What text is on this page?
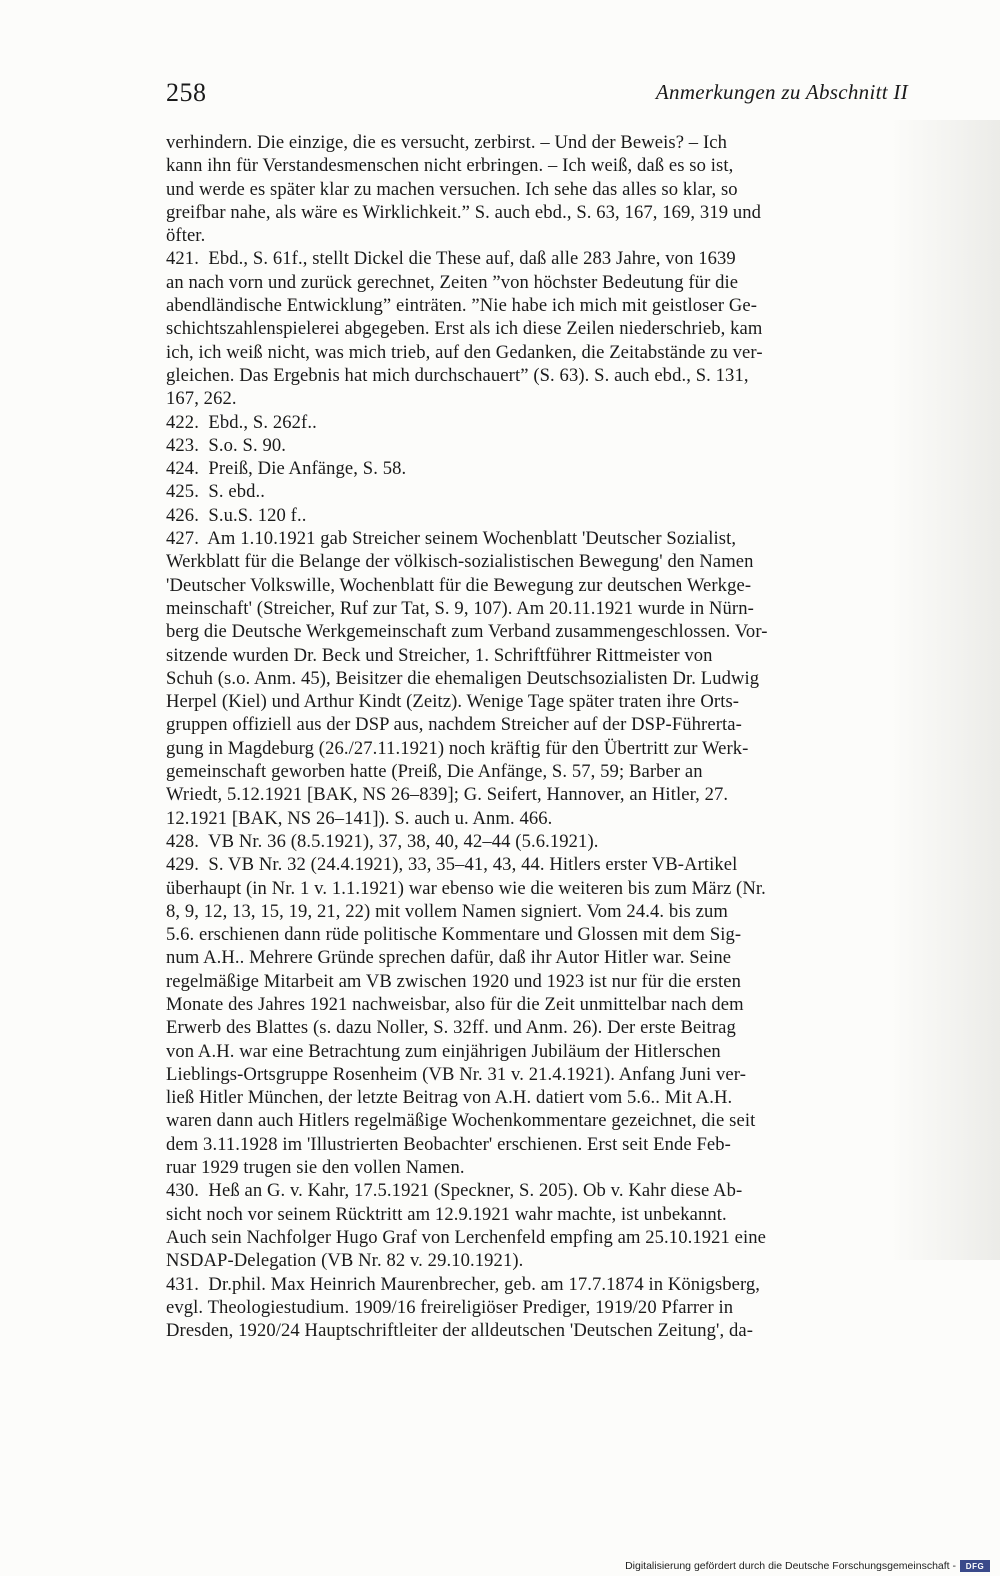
258	Anmerkungen zu Abschnitt II
verhindern. Die einzige, die es versucht, zerbirst. – Und der Beweis? – Ich
kann ihn für Verstandesmenschen nicht erbringen. – Ich weiß, daß es so ist,
und werde es später klar zu machen versuchen. Ich sehe das alles so klar, so
greifbar nahe, als wäre es Wirklichkeit.” S. auch ebd., S. 63, 167, 169, 319 und
öfter.
421.  Ebd., S. 61f., stellt Dickel die These auf, daß alle 283 Jahre, von 1639
an nach vorn und zurück gerechnet, Zeiten ”von höchster Bedeutung für die
abendländische Entwicklung” einträten. ”Nie habe ich mich mit geistloser Ge-
schichtszahlenspielerei abgegeben. Erst als ich diese Zeilen niederschrieb, kam
ich, ich weiß nicht, was mich trieb, auf den Gedanken, die Zeitabstände zu ver-
gleichen. Das Ergebnis hat mich durchschauert” (S. 63). S. auch ebd., S. 131,
167, 262.
422.  Ebd., S. 262f..
423.  S.o. S. 90.
424.  Preiß, Die Anfänge, S. 58.
425.  S. ebd..
426.  S.u.S. 120 f..
427.  Am 1.10.1921 gab Streicher seinem Wochenblatt 'Deutscher Sozialist,
Werkblatt für die Belange der völkisch-sozialistischen Bewegung' den Namen
'Deutscher Volkswille, Wochenblatt für die Bewegung zur deutschen Werkge-
meinschaft' (Streicher, Ruf zur Tat, S. 9, 107). Am 20.11.1921 wurde in Nürn-
berg die Deutsche Werkgemeinschaft zum Verband zusammengeschlossen. Vor-
sitzende wurden Dr. Beck und Streicher, 1. Schriftführer Rittmeister von
Schuh (s.o. Anm. 45), Beisitzer die ehemaligen Deutschsozialisten Dr. Ludwig
Herpel (Kiel) und Arthur Kindt (Zeitz). Wenige Tage später traten ihre Orts-
gruppen offiziell aus der DSP aus, nachdem Streicher auf der DSP-Führerta-
gung in Magdeburg (26./27.11.1921) noch kräftig für den Übertritt zur Werk-
gemeinschaft geworben hatte (Preiß, Die Anfänge, S. 57, 59; Barber an
Wriedt, 5.12.1921 [BAK, NS 26–839]; G. Seifert, Hannover, an Hitler, 27.
12.1921 [BAK, NS 26–141]). S. auch u. Anm. 466.
428.  VB Nr. 36 (8.5.1921), 37, 38, 40, 42–44 (5.6.1921).
429.  S. VB Nr. 32 (24.4.1921), 33, 35–41, 43, 44. Hitlers erster VB-Artikel
überhaupt (in Nr. 1 v. 1.1.1921) war ebenso wie die weiteren bis zum März (Nr.
8, 9, 12, 13, 15, 19, 21, 22) mit vollem Namen signiert. Vom 24.4. bis zum
5.6. erschienen dann rüde politische Kommentare und Glossen mit dem Sig-
num A.H.. Mehrere Gründe sprechen dafür, daß ihr Autor Hitler war. Seine
regelmäßige Mitarbeit am VB zwischen 1920 und 1923 ist nur für die ersten
Monate des Jahres 1921 nachweisbar, also für die Zeit unmittelbar nach dem
Erwerb des Blattes (s. dazu Noller, S. 32ff. und Anm. 26). Der erste Beitrag
von A.H. war eine Betrachtung zum einjährigen Jubiläum der Hitlerschen
Lieblings-Ortsgruppe Rosenheim (VB Nr. 31 v. 21.4.1921). Anfang Juni ver-
ließ Hitler München, der letzte Beitrag von A.H. datiert vom 5.6.. Mit A.H.
waren dann auch Hitlers regelmäßige Wochenkommentare gezeichnet, die seit
dem 3.11.1928 im 'Illustrierten Beobachter' erschienen. Erst seit Ende Feb-
ruar 1929 trugen sie den vollen Namen.
430.  Heß an G. v. Kahr, 17.5.1921 (Speckner, S. 205). Ob v. Kahr diese Ab-
sicht noch vor seinem Rücktritt am 12.9.1921 wahr machte, ist unbekannt.
Auch sein Nachfolger Hugo Graf von Lerchenfeld empfing am 25.10.1921 eine
NSDAP-Delegation (VB Nr. 82 v. 29.10.1921).
431.  Dr.phil. Max Heinrich Maurenbrecher, geb. am 17.7.1874 in Königsberg,
evgl. Theologiestudium. 1909/16 freireligiöser Prediger, 1919/20 Pfarrer in
Dresden, 1920/24 Hauptschriftleiter der alldeutschen 'Deutschen Zeitung', da-
Digitalisierung gefördert durch die Deutsche Forschungsgemeinschaft -	DFG
